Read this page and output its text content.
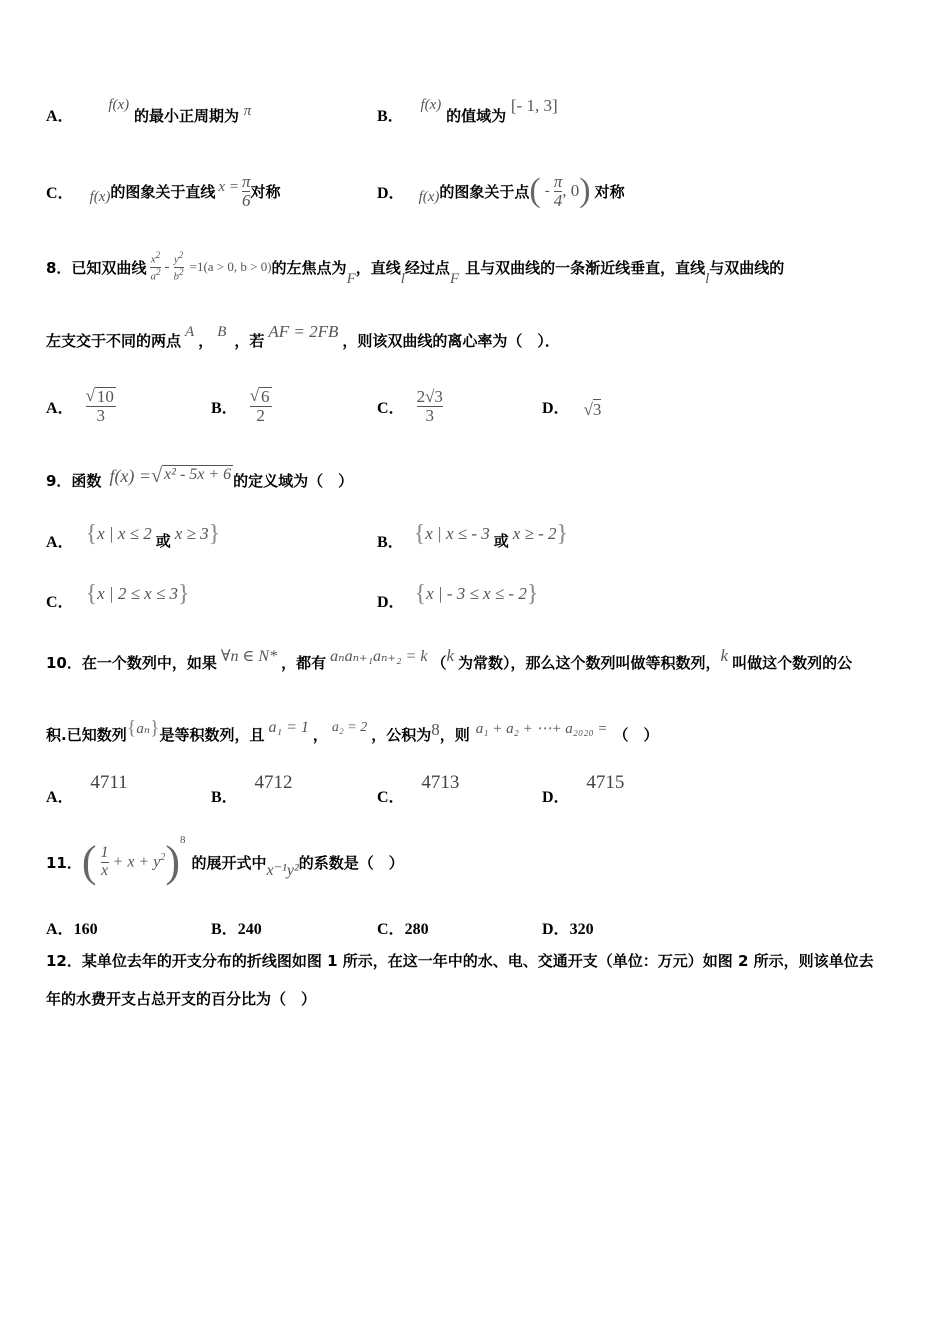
A． f(x) 的最小正周期为 π	B． f(x) 的值域为 [- 1, 3]
C． f(x) 的图象关于直线 $x = \frac{\pi}{6}$ 对称	D． f(x) 的图象关于点 ( - $\frac{\pi}{4}$ , 0 ) 对称
8．已知双曲线 $\frac{x^2}{a^2} - \frac{y^2}{b^2} =1(a > 0$, b > 0) 的左焦点为
F
，直线
l
经过点
F
且与双曲线的一条渐近线垂直，直线
l
与双曲线的
左支交于不同的两点 A ， B ，若 AF = 2FB ，则该双曲线的离心率为（　）．
A． $\frac{√ 10}{3}$	B． $\frac{√ 6}{2}$	C． $\frac{2√3}{3}$	D． √3
9．函数 f(x) = √ x² - 5x + 6 的定义域为（　）
A． { x | x ≤ 2 或 x ≥ 3 }	B． { x | x ≤ - 3 或 x ≥ - 2 }
C． { x | 2 ≤ x ≤ 3 }	D． { x | - 3 ≤ x ≤ - 2 }
10．在一个数列中，如果 ∀n ∈ N* ，都有 aₙaₙ₊₁aₙ₊₂ = k （ k 为常数），那么这个数列叫做等积数列， k 叫做这个数列的公
积.已知数列 { aₙ } 是等积数列，且 a₁ = 1 ， a₂ = 2 ，公积为 8 ，则 a₁ + a₂ + ⋯+ a₂₀₂₀ = （　）
A． 4711
B． 4712
C． 4713
D． 4715
11． ( $\frac{1}{x} + x + y^2$ ) 8
的展开式中 x⁻¹y² 的系数是（　）
A．160	B．240	C．280	D．320
12．某单位去年的开支分布的折线图如图 1 所示，在这一年中的水、电、交通开支（单位：万元）如图 2 所示，则该单位去
年的水费开支占总开支的百分比为（　）
